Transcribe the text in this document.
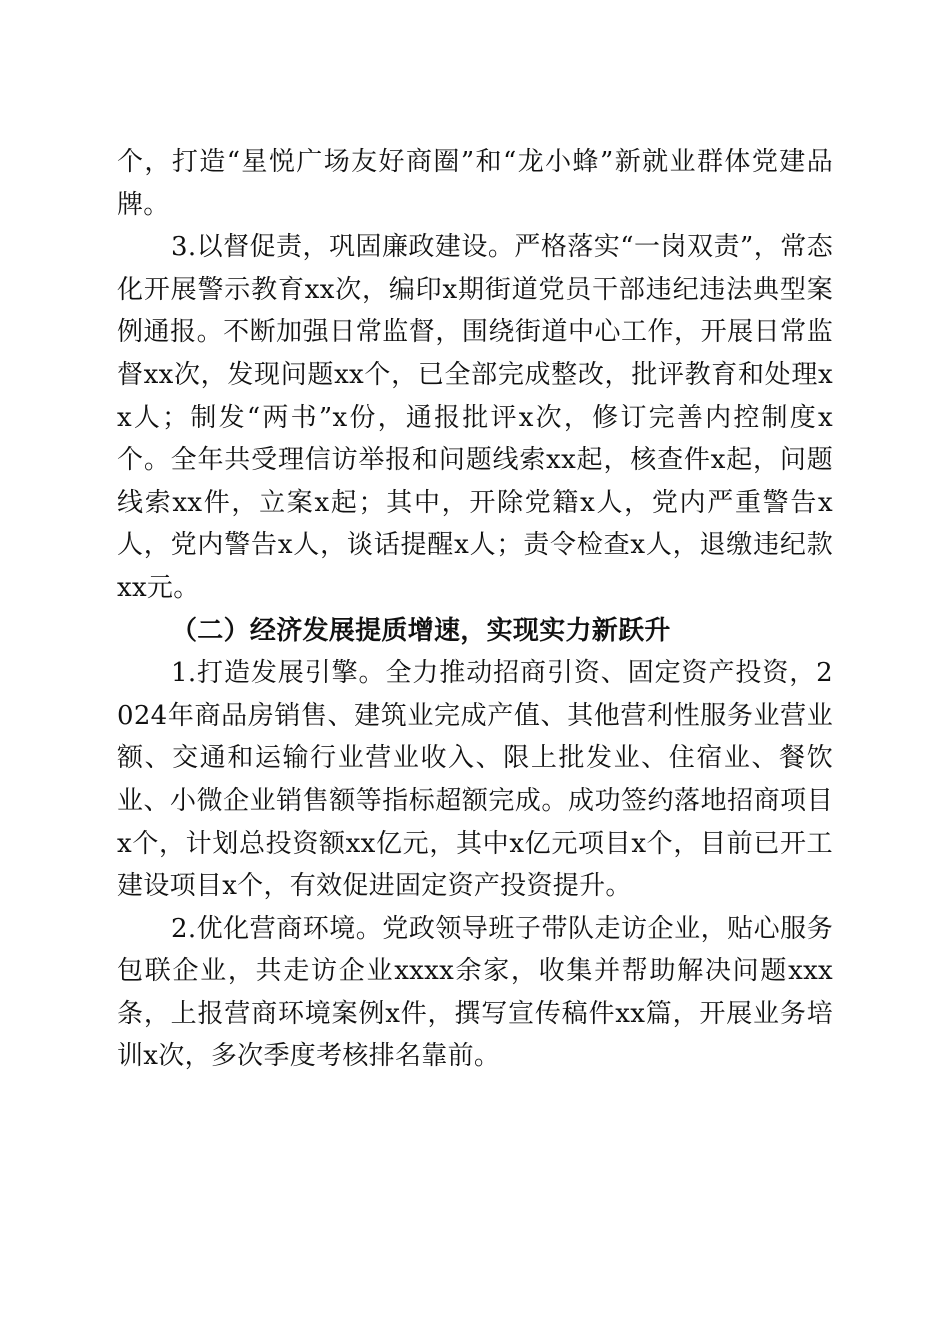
个，打造“星悦广场友好商圈”和“龙小蜂”新就业群体党建品牌。

3.以督促责，巩固廉政建设。严格落实“一岗双责”，常态化开展警示教育xx次，编印x期街道党员干部违纪违法典型案例通报。不断加强日常监督，围绕街道中心工作，开展日常监督xx次，发现问题xx个，已全部完成整改，批评教育和处理xx人；制发“两书”x份，通报批评x次，修订完善内控制度x个。全年共受理信访举报和问题线索xx起，核查件x起，问题线索xx件，立案x起；其中，开除党籍x人，党内严重警告x人，党内警告x人，谈话提醒x人；责令检查x人，退缴违纪款xx元。

（二）经济发展提质增速，实现实力新跃升

1.打造发展引擎。全力推动招商引资、固定资产投资，2024年商品房销售、建筑业完成产值、其他营利性服务业营业额、交通和运输行业营业收入、限上批发业、住宿业、餐饮业、小微企业销售额等指标超额完成。成功签约落地招商项目x个，计划总投资额xx亿元，其中x亿元项目x个，目前已开工建设项目x个，有效促进固定资产投资提升。

2.优化营商环境。党政领导班子带队走访企业，贴心服务包联企业，共走访企业xxxx余家，收集并帮助解决问题xxx条，上报营商环境案例x件，撰写宣传稿件xx篇，开展业务培训x次，多次季度考核排名靠前。
